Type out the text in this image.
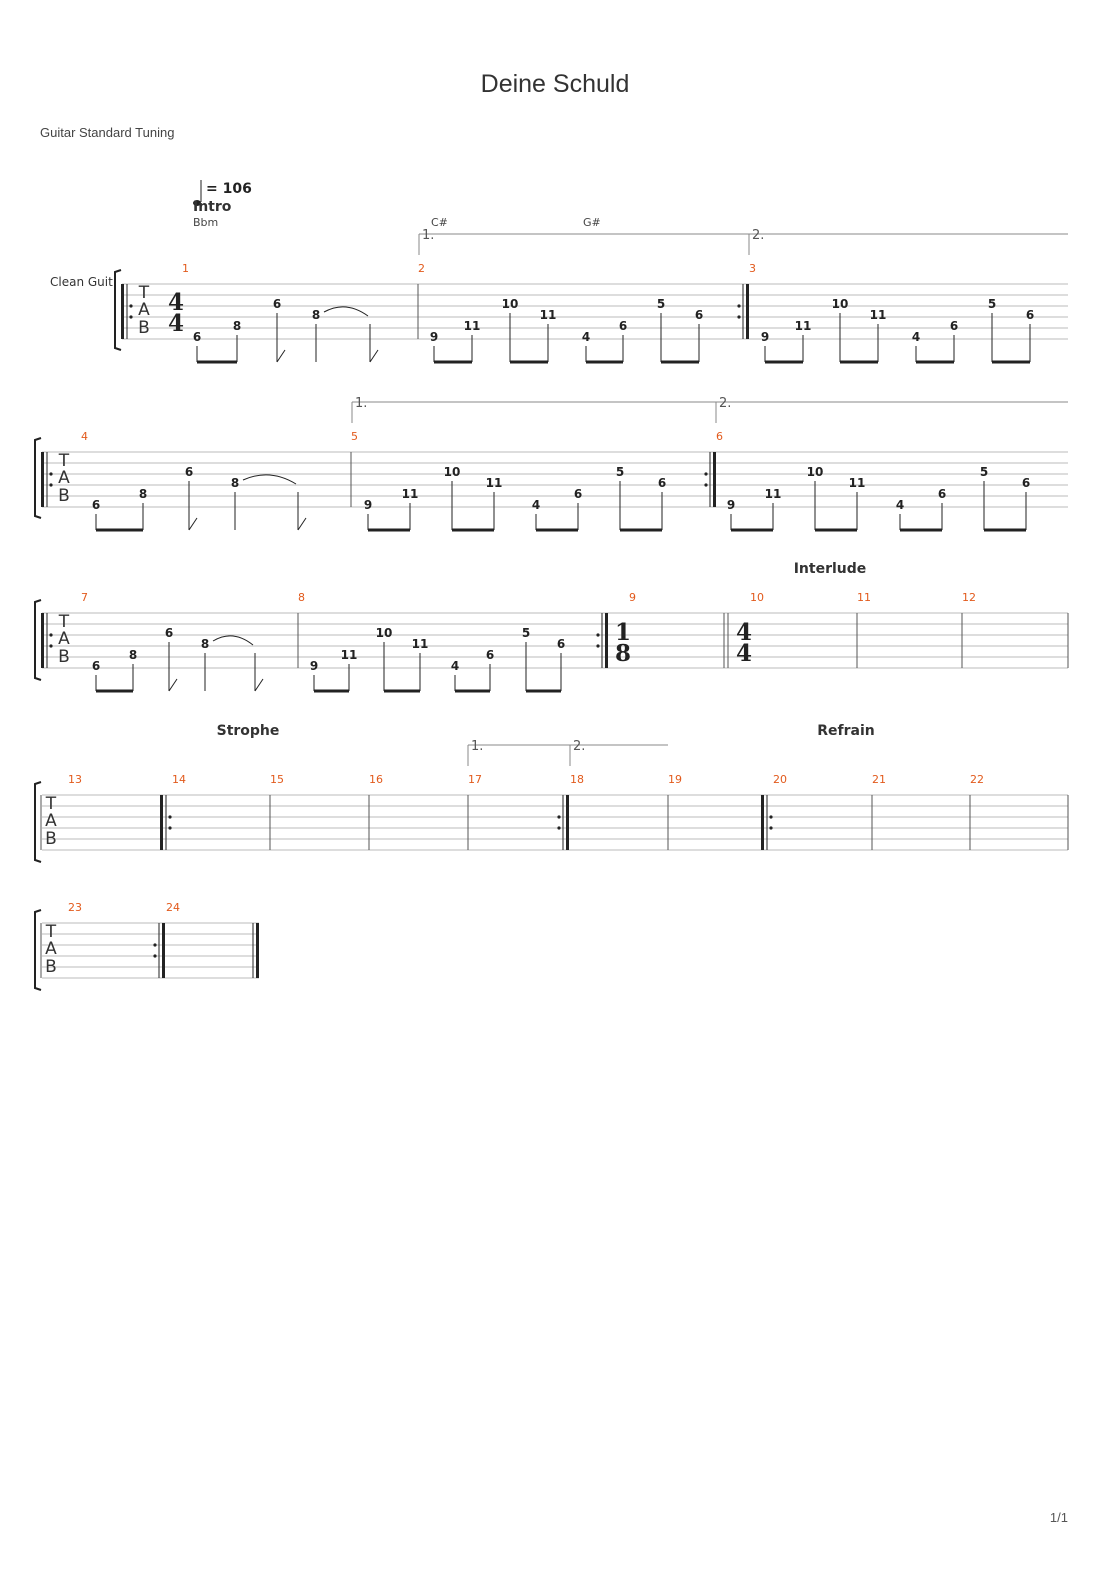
Deine Schuld
Guitar Standard Tuning
= 106
Intro
Bbm	C#	G#
1.	2.
Clean Guit
T
A
B
4
4
1
6
8
6
8
2
9
11
10
11
4
6
5
6
3
9
11
10
11
4
6
5
6
1.	2.
T
A
B
4
6
8
6
8
5
9
11
10
11
4
6
5
6
6
9
11
10
11
4
6
5
6
Interlude
T
A
B
7
6
8
6
8
8
9
11
10
11
4
6
5
6
9
1
8
10
4
4
11	12
Strophe	Refrain
1.	2.
T
A
B
13	14	15	16	17	18	19	20	21	22
T
A
B
23	24
1/1
